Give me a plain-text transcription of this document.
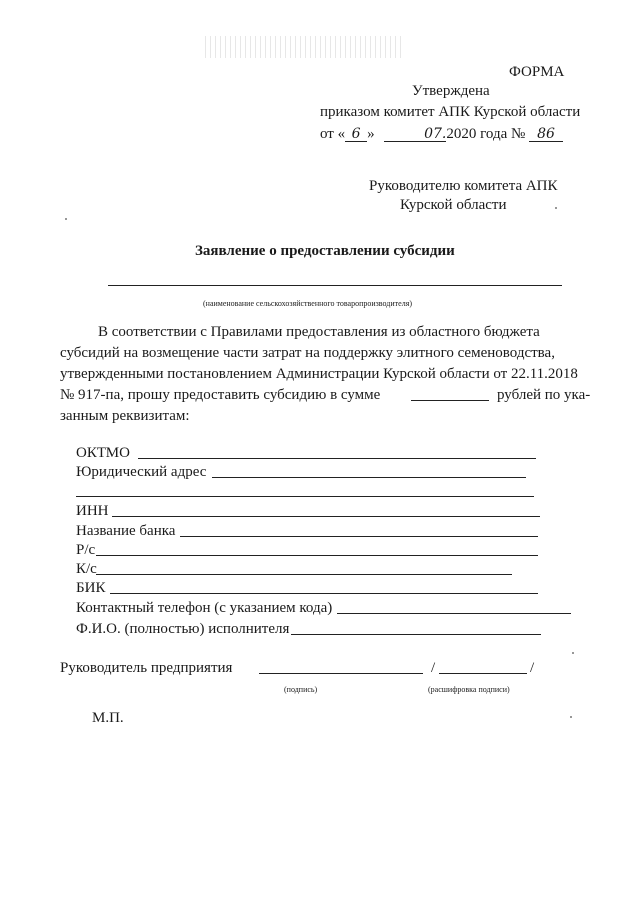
ФОРМА
Утверждена
приказом комитет АПК Курской области
от « 6 »	07.2020 года № 86
Руководителю комитета АПК
Курской области
Заявление о предоставлении субсидии
(наименование сельскохозяйственного товаропроизводителя)
В соответствии с Правилами предоставления из областного бюджета
субсидий на возмещение части затрат на поддержку элитного семеноводства,
утвержденными постановлением Администрации Курской области от 22.11.2018
№ 917-па, прошу предоставить субсидию в сумме	рублей по ука-
занным реквизитам:
ОКТМО
Юридический адрес
ИНН
Название банка
Р/с
К/с
БИК
Контактный телефон (с указанием кода)
Ф.И.О. (полностью) исполнителя
Руководитель предприятия	/	/
(подпись)	(расшифровка подписи)
М.П.
